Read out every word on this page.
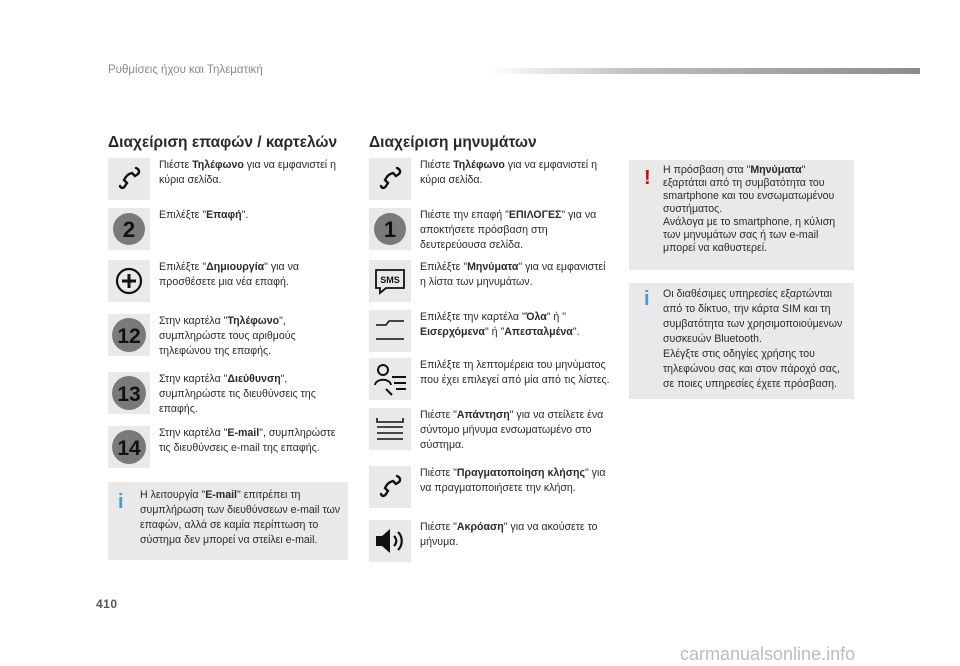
Ρυθμίσεις ήχου και Τηλεματική
Διαχείριση επαφών / καρτελών
Πιέστε Τηλέφωνο για να εμφανιστεί η κύρια σελίδα.
2
Επιλέξτε "Επαφή".
Επιλέξτε "Δημιουργία" για να προσθέσετε μια νέα επαφή.
12
Στην καρτέλα "Τηλέφωνο", συμπληρώστε τους αριθμούς τηλεφώνου της επαφής.
13
Στην καρτέλα "Διεύθυνση", συμπληρώστε τις διευθύνσεις της επαφής.
14
Στην καρτέλα "E-mail", συμπληρώστε τις διευθύνσεις e-mail της επαφής.
i Η λειτουργία "E-mail" επιτρέπει τη συμπλήρωση των διευθύνσεων e-mail των επαφών, αλλά σε καμία περίπτωση το σύστημα δεν μπορεί να στείλει e-mail.
Διαχείριση μηνυμάτων
Πιέστε Τηλέφωνο για να εμφανιστεί η κύρια σελίδα.
1
Πιέστε την επαφή "ΕΠΙΛΟΓΕΣ" για να αποκτήσετε πρόσβαση στη δευτερεύουσα σελίδα.
SMS
Επιλέξτε "Μηνύματα" για να εμφανιστεί η λίστα των μηνυμάτων.
Επιλέξτε την καρτέλα "Όλα" ή "
Εισερχόμενα" ή "Απεσταλμένα".
Επιλέξτε τη λεπτομέρεια του μηνύματος που έχει επιλεγεί από μία από τις λίστες.
Πιέστε "Απάντηση" για να στείλετε ένα σύντομο μήνυμα ενσωματωμένο στο σύστημα.
Πιέστε "Πραγματοποίηση κλήσης" για να πραγματοποιήσετε την κλήση.
Πιέστε "Ακρόαση" για να ακούσετε το μήνυμα.
! Η πρόσβαση στα "Μηνύματα" εξαρτάται από τη συμβατότητα του smartphone και του ενσωματωμένου συστήματος.
Ανάλογα με το smartphone, η κύλιση των μηνυμάτων σας ή των e-mail μπορεί να καθυστερεί.
i Οι διαθέσιμες υπηρεσίες εξαρτώνται από το δίκτυο, την κάρτα SIM και τη συμβατότητα των χρησιμοποιούμενων συσκευών Bluetooth.
Ελέγξτε στις οδηγίες χρήσης του τηλεφώνου σας και στον πάροχό σας, σε ποιες υπηρεσίες έχετε πρόσβαση.
410
carmanualsonline.info
